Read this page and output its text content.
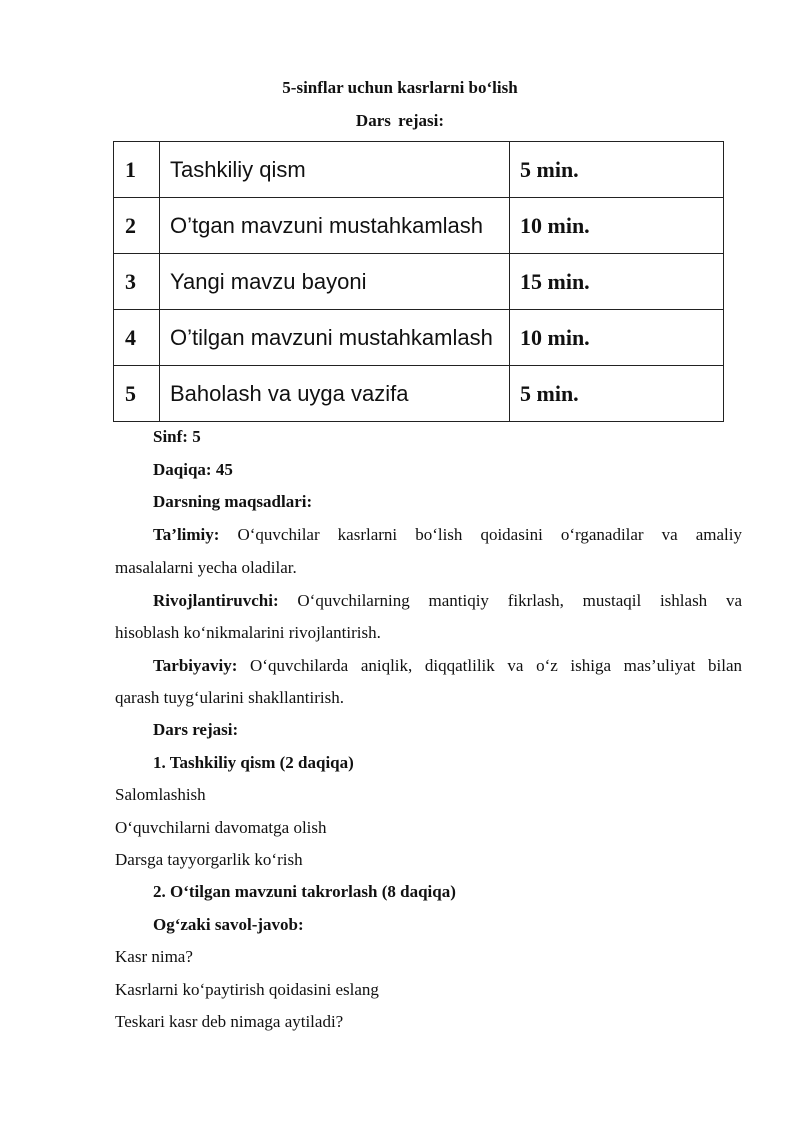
5-sinflar uchun kasrlarni bo‘lish
Dars rejasi:
1	Tashkiliy qism	5 min.
2	O’tgan mavzuni mustahkamlash	10 min.
3	Yangi mavzu bayoni	15 min.
4	O’tilgan mavzuni mustahkamlash	10 min.
5	Baholash va uyga vazifa	5 min.
Sinf: 5
Daqiqa: 45
Darsning maqsadlari:
Ta’limiy: O‘quvchilar kasrlarni bo‘lish qoidasini o‘rganadilar va amaliy
masalalarni yecha oladilar.
Rivojlantiruvchi: O‘quvchilarning mantiqiy fikrlash, mustaqil ishlash va
hisoblash ko‘nikmalarini rivojlantirish.
Tarbiyaviy: O‘quvchilarda aniqlik, diqqatlilik va o‘z ishiga mas’uliyat bilan
qarash tuyg‘ularini shakllantirish.
Dars rejasi:
1. Tashkiliy qism (2 daqiqa)
Salomlashish
O‘quvchilarni davomatga olish
Darsga tayyorgarlik ko‘rish
2. O‘tilgan mavzuni takrorlash (8 daqiqa)
Og‘zaki savol-javob:
Kasr nima?
Kasrlarni ko‘paytirish qoidasini eslang
Teskari kasr deb nimaga aytiladi?
